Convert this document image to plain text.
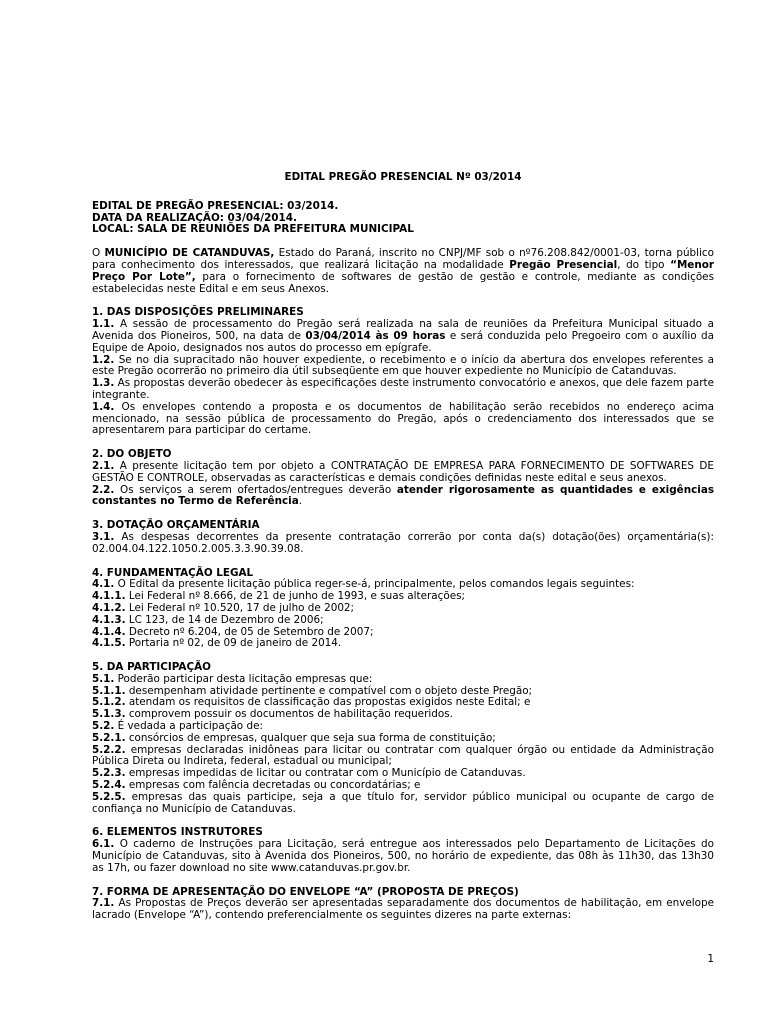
EDITAL PREGÃO PRESENCIAL Nº 03/2014

EDITAL DE PREGÃO PRESENCIAL: 03/2014.

DATA DA REALIZAÇÃO: 03/04/2014.

LOCAL: SALA DE REUNIÕES DA PREFEITURA MUNICIPAL

O MUNICÍPIO DE CATANDUVAS, Estado do Paraná, inscrito no CNPJ/MF sob o nº76.208.842/0001-03, torna público para conhecimento dos interessados, que realizará licitação na modalidade Pregão Presencial, do tipo “Menor Preço Por Lote”, para o fornecimento de softwares de gestão de gestão e controle, mediante as condições estabelecidas neste Edital e em seus Anexos.

1. DAS DISPOSIÇÕES PRELIMINARES

1.1. A sessão de processamento do Pregão será realizada na sala de reuniões da Prefeitura Municipal situado a Avenida dos Pioneiros, 500, na data de 03/04/2014 às 09 horas e será conduzida pelo Pregoeiro com o auxílio da Equipe de Apoio, designados nos autos do processo em epígrafe.

1.2. Se no dia supracitado não houver expediente, o recebimento e o início da abertura dos envelopes referentes a este Pregão ocorrerão no primeiro dia útil subseqüente em que houver expediente no Município de Catanduvas.

1.3. As propostas deverão obedecer às especificações deste instrumento convocatório e anexos, que dele fazem parte integrante.

1.4. Os envelopes contendo a proposta e os documentos de habilitação serão recebidos no endereço acima mencionado, na sessão pública de processamento do Pregão, após o credenciamento dos interessados que se apresentarem para participar do certame.

2. DO OBJETO

2.1. A presente licitação tem por objeto a CONTRATAÇÃO DE EMPRESA PARA FORNECIMENTO DE SOFTWARES DE GESTÃO E CONTROLE, observadas as características e demais condições definidas neste edital e seus anexos.

2.2. Os serviços a serem ofertados/entregues deverão atender rigorosamente as quantidades e exigências constantes no Termo de Referência.

3. DOTAÇÃO ORÇAMENTÁRIA

3.1. As despesas decorrentes da presente contratação correrão por conta da(s) dotação(ões) orçamentária(s): 02.004.04.122.1050.2.005.3.3.90.39.08.

4. FUNDAMENTAÇÃO LEGAL

4.1. O Edital da presente licitação pública reger-se-á, principalmente, pelos comandos legais seguintes:

4.1.1. Lei Federal nº 8.666, de 21 de junho de 1993, e suas alterações;

4.1.2. Lei Federal nº 10.520, 17 de julho de 2002;

4.1.3. LC 123, de 14 de Dezembro de 2006;

4.1.4. Decreto nº 6.204, de 05 de Setembro de 2007;

4.1.5. Portaria nº 02, de 09 de janeiro de 2014.

5. DA PARTICIPAÇÃO

5.1. Poderão participar desta licitação empresas que:

5.1.1. desempenham atividade pertinente e compatível com o objeto deste Pregão;

5.1.2. atendam os requisitos de classificação das propostas exigidos neste Edital; e

5.1.3. comprovem possuir os documentos de habilitação requeridos.

5.2. É vedada a participação de:

5.2.1. consórcios de empresas, qualquer que seja sua forma de constituição;

5.2.2. empresas declaradas inidôneas para licitar ou contratar com qualquer órgão ou entidade da Administração Pública Direta ou Indireta, federal, estadual ou municipal;

5.2.3. empresas impedidas de licitar ou contratar com o Município de Catanduvas.

5.2.4. empresas com falência decretadas ou concordatárias; e

5.2.5. empresas das quais participe, seja a que título for, servidor público municipal ou ocupante de cargo de confiança no Município de Catanduvas.

6. ELEMENTOS INSTRUTORES

6.1. O caderno de Instruções para Licitação, será entregue aos interessados pelo Departamento de Licitações do Município de Catanduvas, sito à Avenida dos Pioneiros, 500, no horário de expediente, das 08h às 11h30, das 13h30 as 17h, ou fazer download no site www.catanduvas.pr.gov.br.

7. FORMA DE APRESENTAÇÃO DO ENVELOPE “A” (PROPOSTA DE PREÇOS)

7.1. As Propostas de Preços deverão ser apresentadas separadamente dos documentos de habilitação, em envelope lacrado (Envelope “A”), contendo preferencialmente os seguintes dizeres na parte externas:

1
